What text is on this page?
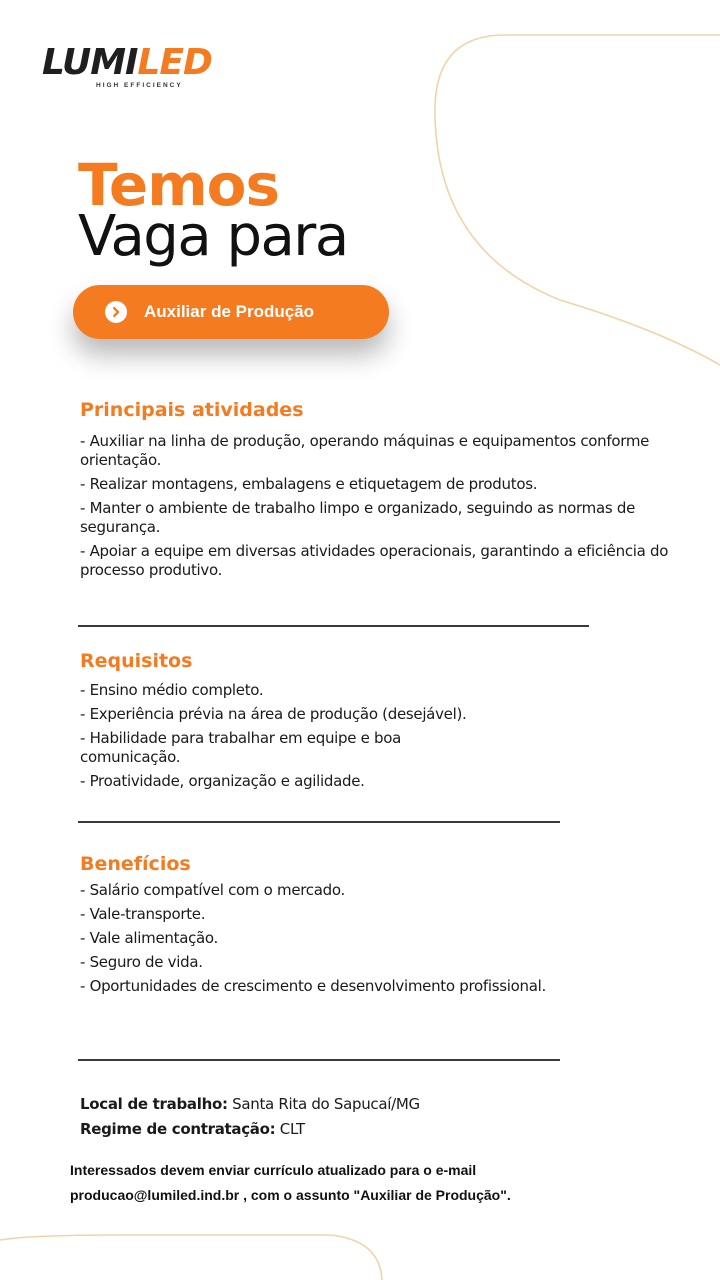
LUMILED
HIGH EFFICIENCY
Temos
Vaga para
Auxiliar de Produção
Principais atividades
- Auxiliar na linha de produção, operando máquinas e equipamentos conforme orientação.
- Realizar montagens, embalagens e etiquetagem de produtos.
- Manter o ambiente de trabalho limpo e organizado, seguindo as normas de segurança.
- Apoiar a equipe em diversas atividades operacionais, garantindo a eficiência do processo produtivo.
Requisitos
- Ensino médio completo.
- Experiência prévia na área de produção (desejável).
- Habilidade para trabalhar em equipe e boa comunicação.
- Proatividade, organização e agilidade.
Benefícios
- Salário compatível com o mercado.
- Vale-transporte.
- Vale alimentação.
- Seguro de vida.
- Oportunidades de crescimento e desenvolvimento profissional.
Local de trabalho: Santa Rita do Sapucaí/MG
Regime de contratação: CLT
Interessados devem enviar currículo atualizado para o e-mail
producao@lumiled.ind.br , com o assunto "Auxiliar de Produção".
